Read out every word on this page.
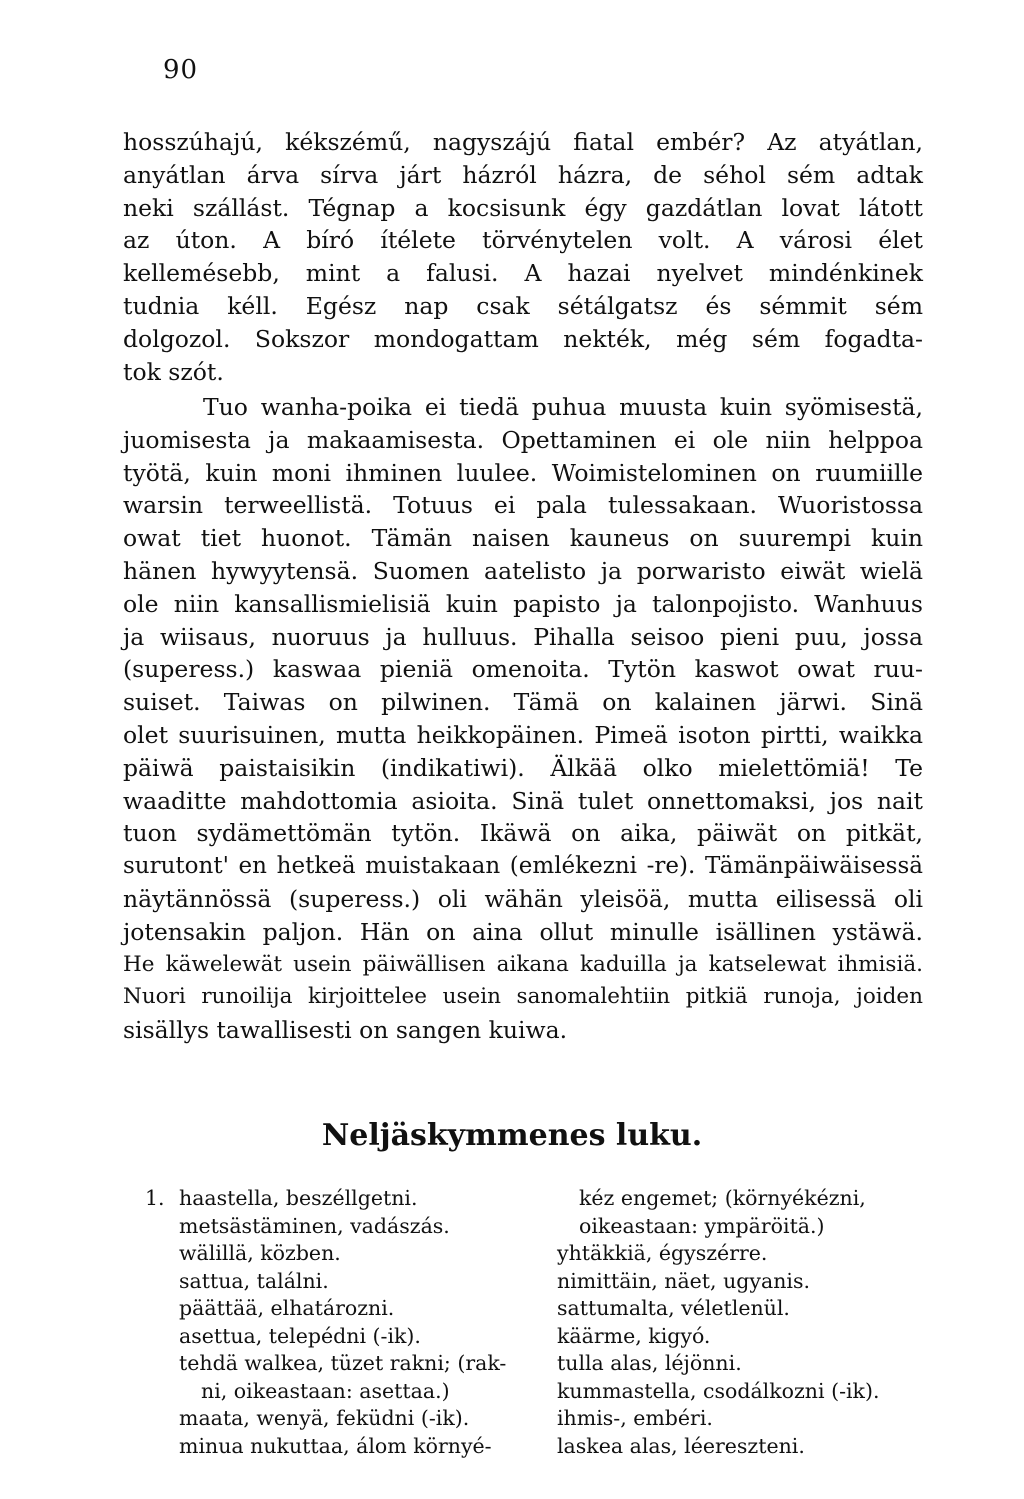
90
hosszúhajú, kékszémű, nagyszájú fiatal embér? Az atyátlan,
anyátlan árva sírva járt házról házra, de séhol sém adtak
neki szállást. Tégnap a kocsisunk égy gazdátlan lovat látott
az úton. A bíró ítélete törvénytelen volt. A városi élet
kellemésebb, mint a falusi. A hazai nyelvet mindénkinek
tudnia kéll. Egész nap csak sétálgatsz és sémmit sém
dolgozol. Sokszor mondogattam nekték, még sém fogadta-
tok szót.
Tuo wanha-poika ei tiedä puhua muusta kuin syömisestä,
juomisesta ja makaamisesta. Opettaminen ei ole niin helppoa
työtä, kuin moni ihminen luulee. Woimistelominen on ruumiille
warsin terweellistä. Totuus ei pala tulessakaan. Wuoristossa
owat tiet huonot. Tämän naisen kauneus on suurempi kuin
hänen hywyytensä. Suomen aatelisto ja porwaristo eiwät wielä
ole niin kansallismielisiä kuin papisto ja talonpojisto. Wanhuus
ja wiisaus, nuoruus ja hulluus. Pihalla seisoo pieni puu, jossa
(superess.) kaswaa pieniä omenoita. Tytön kaswot owat ruu-
suiset. Taiwas on pilwinen. Tämä on kalainen järwi. Sinä
olet suurisuinen, mutta heikkopäinen. Pimeä isoton pirtti, waikka
päiwä paistaisikin (indikatiwi). Älkää olko mielettömiä! Te
waaditte mahdottomia asioita. Sinä tulet onnettomaksi, jos nait
tuon sydämettömän tytön. Ikäwä on aika, päiwät on pitkät,
surutont' en hetkeä muistakaan (emlékezni -re). Tämänpäiwäisessä
näytännössä (superess.) oli wähän yleisöä, mutta eilisessä oli
jotensakin paljon. Hän on aina ollut minulle isällinen ystäwä.
He käwelewät usein päiwällisen aikana kaduilla ja katselewat ihmisiä.
Nuori runoilija kirjoittelee usein sanomalehtiin pitkiä runoja, joiden
sisällys tawallisesti on sangen kuiwa.
Neljäskymmenes luku.
1. haastella, beszéllgetni.
metsästäminen, vadászás.
wälillä, közben.
sattua, találni.
päättää, elhatározni.
asettua, telepédni (-ik).
tehdä walkea, tüzet rakni; (rak-
ni, oikeastaan: asettaa.)
maata, wenyä, feküdni (-ik).
minua nukuttaa, álom környé-
kéz engemet; (környékézni,
oikeastaan: ympäröitä.)
yhtäkkiä, égyszérre.
nimittäin, näet, ugyanis.
sattumalta, véletlenül.
käärme, kigyó.
tulla alas, léjönni.
kummastella, csodálkozni (-ik).
ihmis-, embéri.
laskea alas, léereszteni.
